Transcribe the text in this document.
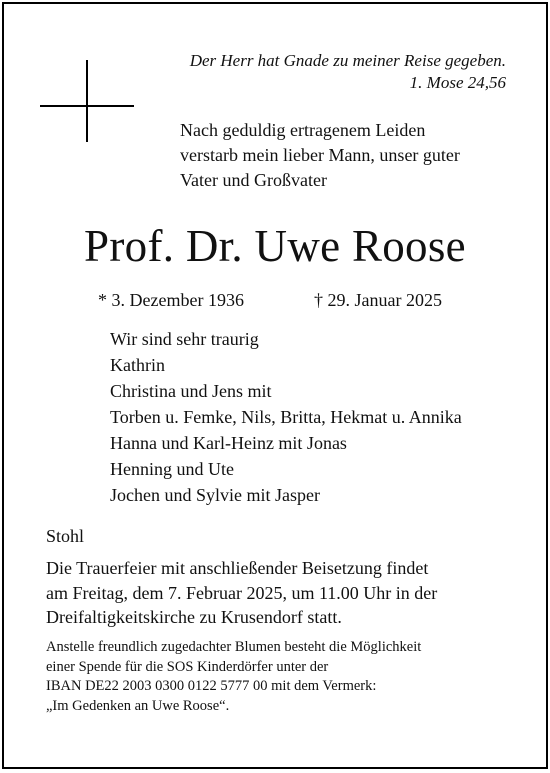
Der Herr hat Gnade zu meiner Reise gegeben.
1. Mose 24,56
Nach geduldig ertragenem Leiden
verstarb mein lieber Mann, unser guter
Vater und Großvater
Prof. Dr. Uwe Roose
* 3. Dezember 1936	† 29. Januar 2025
Wir sind sehr traurig
Kathrin
Christina und Jens mit
Torben u. Femke, Nils, Britta, Hekmat u. Annika
Hanna und Karl-Heinz mit Jonas
Henning und Ute
Jochen und Sylvie mit Jasper
Stohl
Die Trauerfeier mit anschließender Beisetzung findet
am Freitag, dem 7. Februar 2025, um 11.00 Uhr in der
Dreifaltigkeitskirche zu Krusendorf statt.
Anstelle freundlich zugedachter Blumen besteht die Möglichkeit
einer Spende für die SOS Kinderdörfer unter der
IBAN DE22 2003 0300 0122 5777 00 mit dem Vermerk:
„Im Gedenken an Uwe Roose“.
